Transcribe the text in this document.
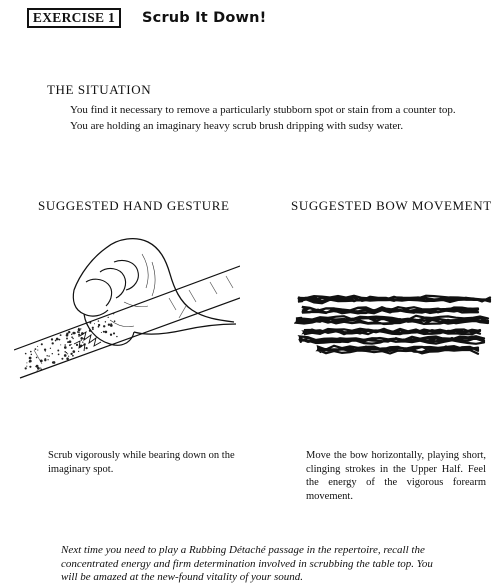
EXERCISE 1	Scrub It Down!
THE SITUATION
You find it necessary to remove a particularly stubborn spot or stain from a counter top.
You are holding an imaginary heavy scrub brush dripping with sudsy water.
SUGGESTED HAND GESTURE	SUGGESTED BOW MOVEMENT
Scrub vigorously while bearing down on the imaginary spot.
Move the bow horizontally, playing short, clinging strokes in the Upper Half. Feel the energy of the vigorous forearm movement.
Next time you need to play a Rubbing Détaché passage in the repertoire, recall the
concentrated energy and firm determination involved in scrubbing the table top. You
will be amazed at the new-found vitality of your sound.
